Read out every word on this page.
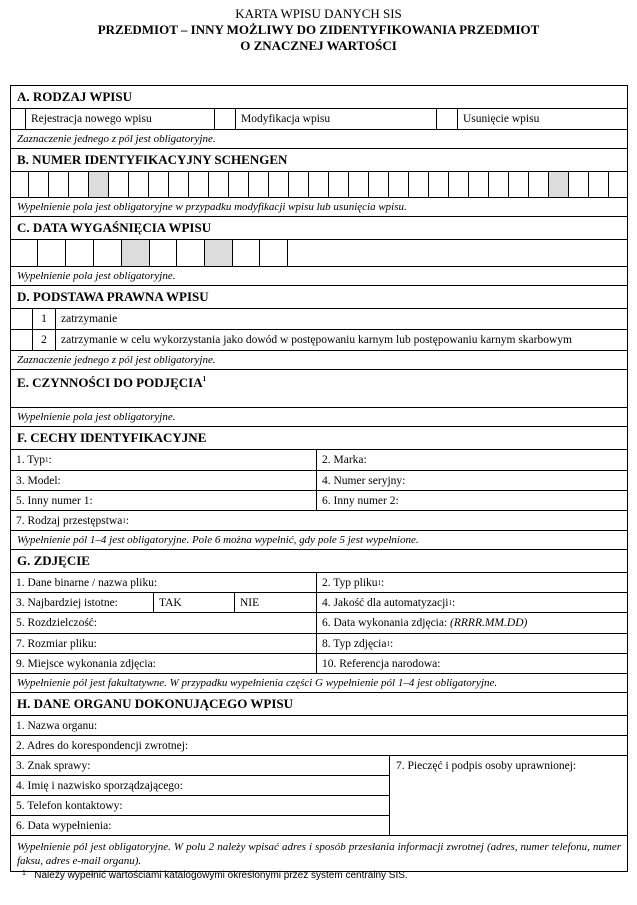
KARTA WPISU DANYCH SIS
PRZEDMIOT – INNY MOŻLIWY DO ZIDENTYFIKOWANIA PRZEDMIOT
O ZNACZNEJ WARTOŚCI
A. RODZAJ WPISU
Rejestracja nowego wpisu	Modyfikacja wpisu	Usunięcie wpisu
Zaznaczenie jednego z pól jest obligatoryjne.
B. NUMER IDENTYFIKACYJNY SCHENGEN
Wypełnienie pola jest obligatoryjne w przypadku modyfikacji wpisu lub usunięcia wpisu.
C. DATA WYGAŚNIĘCIA WPISU
Wypełnienie pola jest obligatoryjne.
D. PODSTAWA PRAWNA WPISU
1	zatrzymanie
2	zatrzymanie w celu wykorzystania jako dowód w postępowaniu karnym lub postępowaniu karnym skarbowym
Zaznaczenie jednego z pól jest obligatoryjne.
E. CZYNNOŚCI DO PODJĘCIA$^1$
Wypełnienie pola jest obligatoryjne.
F. CECHY IDENTYFIKACYJNE
1. Typ 1 :	2. Marka:
3. Model:	4. Numer seryjny:
5. Inny numer 1:	6. Inny numer 2:
7. Rodzaj przestępstwa 1 :
Wypełnienie pól 1–4 jest obligatoryjne. Pole 6 można wypełnić, gdy pole 5 jest wypełnione.
G. ZDJĘCIE
1. Dane binarne / nazwa pliku:	2. Typ pliku 1 :
3. Najbardziej istotne:	TAK	NIE	4. Jakość dla automatyzacji 1 :
5. Rozdzielczość:	6. Data wykonania zdjęcia: (RRRR.MM.DD)
7. Rozmiar pliku:	8. Typ zdjęcia 1 :
9. Miejsce wykonania zdjęcia:	10. Referencja narodowa:
Wypełnienie pól jest fakultatywne. W przypadku wypełnienia części G wypełnienie pól 1–4 jest obligatoryjne.
H. DANE ORGANU DOKONUJĄCEGO WPISU
1. Nazwa organu:
2. Adres do korespondencji zwrotnej:
3. Znak sprawy:
4. Imię i nazwisko sporządzającego:
5. Telefon kontaktowy:
6. Data wypełnienia:
7. Pieczęć i podpis osoby uprawnionej:
Wypełnienie pól jest obligatoryjne. W polu 2 należy wpisać adres i sposób przesłania informacji zwrotnej (adres, numer telefonu, numer faksu, adres e-mail organu).
$^1$ Należy wypełnić wartościami katalogowymi określonymi przez system centralny SIS.
